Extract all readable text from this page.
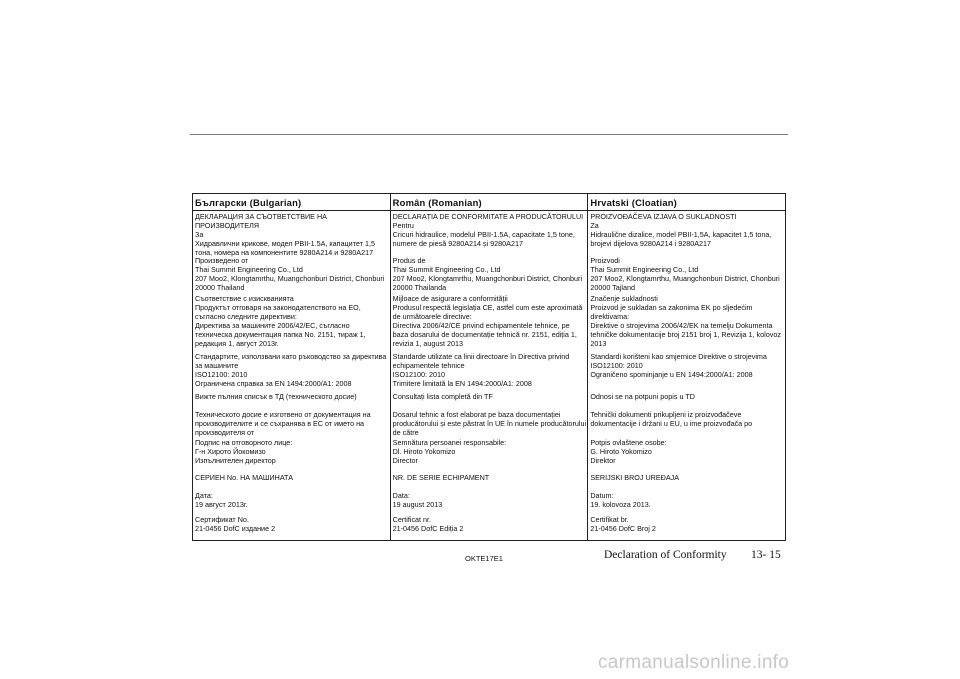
Български (Bulgarian)
ДЕКЛАРАЦИЯ ЗА СЪОТВЕТСТВИЕ НА ПРОИЗВОДИТЕЛЯ
За
Хидравлични крикове, модел PBII-1.5A, капацитет 1,5 тона, номера на компонентите 9280A214 и 9280A217
Произведено от
Thai Summit Engineering Co., Ltd
207 Moo2, Klongtamrthu, Muangchonburi District, Chonburi 20000 Thailand
Съответствие с изискванията
Продуктът отговаря на законодателството на ЕО, съгласно следните директиви:
Директива за машините 2006/42/ЕС, съгласно техническа документация папка No. 2151, тираж 1, редакция 1, август 2013г.
Стандартите, използвани като ръководство за директива за машините
ISO12100: 2010
Ограничена справка за EN 1494:2000/A1: 2008
Вижте пълния списък в ТД (техническото досие)
Техническото досие е изготвено от документация на производителите и се съхранява в ЕС от името на производителя от
Подпис на отговорното лице:
Г-н Хирото Йокомизо
Изпълнителен директор
СЕРИЕН No. НА МАШИНАТА
Дата:
19 август 2013г.
Сертификат No.
21-0456 DofC издание 2
Român (Romanian)
DECLARAȚIA DE CONFORMITATE A PRODUCĂTORULUI
Pentru
Cricuri hidraulice, modelul PBII-1.5A, capacitate 1,5 tone, numere de piesă 9280A214 și 9280A217
Produs de
Thai Summit Engineering Co., Ltd
207 Moo2, Klongtamrthu, Muangchonburi District, Chonburi 20000 Thailanda
Mijloace de asigurare a conformității
Produsul respectă legislația CE, astfel cum este aproximată de următoarele directive:
Directiva 2006/42/CE privind echipamentele tehnice, pe baza dosarului de documentație tehnică nr. 2151, ediția 1, revizia 1, august 2013
Standarde utilizate ca linii directoare în Directiva privind echipamentele tehnice
ISO12100: 2010
Trimitere limitată la EN 1494:2000/A1: 2008
Consultați lista completă din TF
Dosarul tehnic a fost elaborat pe baza documentației producătorului și este păstrat în UE în numele producătorului de către
Semnătura persoanei responsabile:
Dl. Hiroto Yokomizo
Director
NR. DE SERIE ECHIPAMENT
Data:
19 august 2013
Certificat nr.
21-0456 DofC Ediția 2
Hrvatski (Cloatian)
PROIZVOĐAČEVA IZJAVA O SUKLADNOSTI
Za
Hidraulične dizalice, model PBII-1,5A, kapacitet 1,5 tona, brojevi dijelova 9280A214 i 9280A217
Proizvodi
Thai Summit Engineering Co., Ltd
207 Moo2, Klongtamrthu, Muangchonburi District, Chonburi 20000 Tajland
Značenje sukladnosti
Proizvod je sukladan sa zakonima EK po sljedećim direktivama:
Direktive o strojevima 2006/42/EK na temelju Dokumenta tehničke dokumentacije broj 2151 broj 1, Revizija 1, kolovoz 2013
Standardi korišteni kao smjernice Direktive o strojevima
ISO12100: 2010
Ograničeno spominjanje u EN 1494:2000/A1: 2008
Odnosi se na potpuni popis u TD
Tehnički dokumenti prikupljeni iz proizvođačeve dokumentacije i držani u EU, u ime proizvođača po
Potpis ovlaštene osobe:
G. Hiroto Yokomizo
Direktor
SERIJSKI BROJ UREĐAJA
Datum:
19. kolovoza 2013.
Certifikat br.
21-0456 DofC Broj 2
OKTE17E1	Declaration of Conformity 13- 15
carmanualsonline.info
